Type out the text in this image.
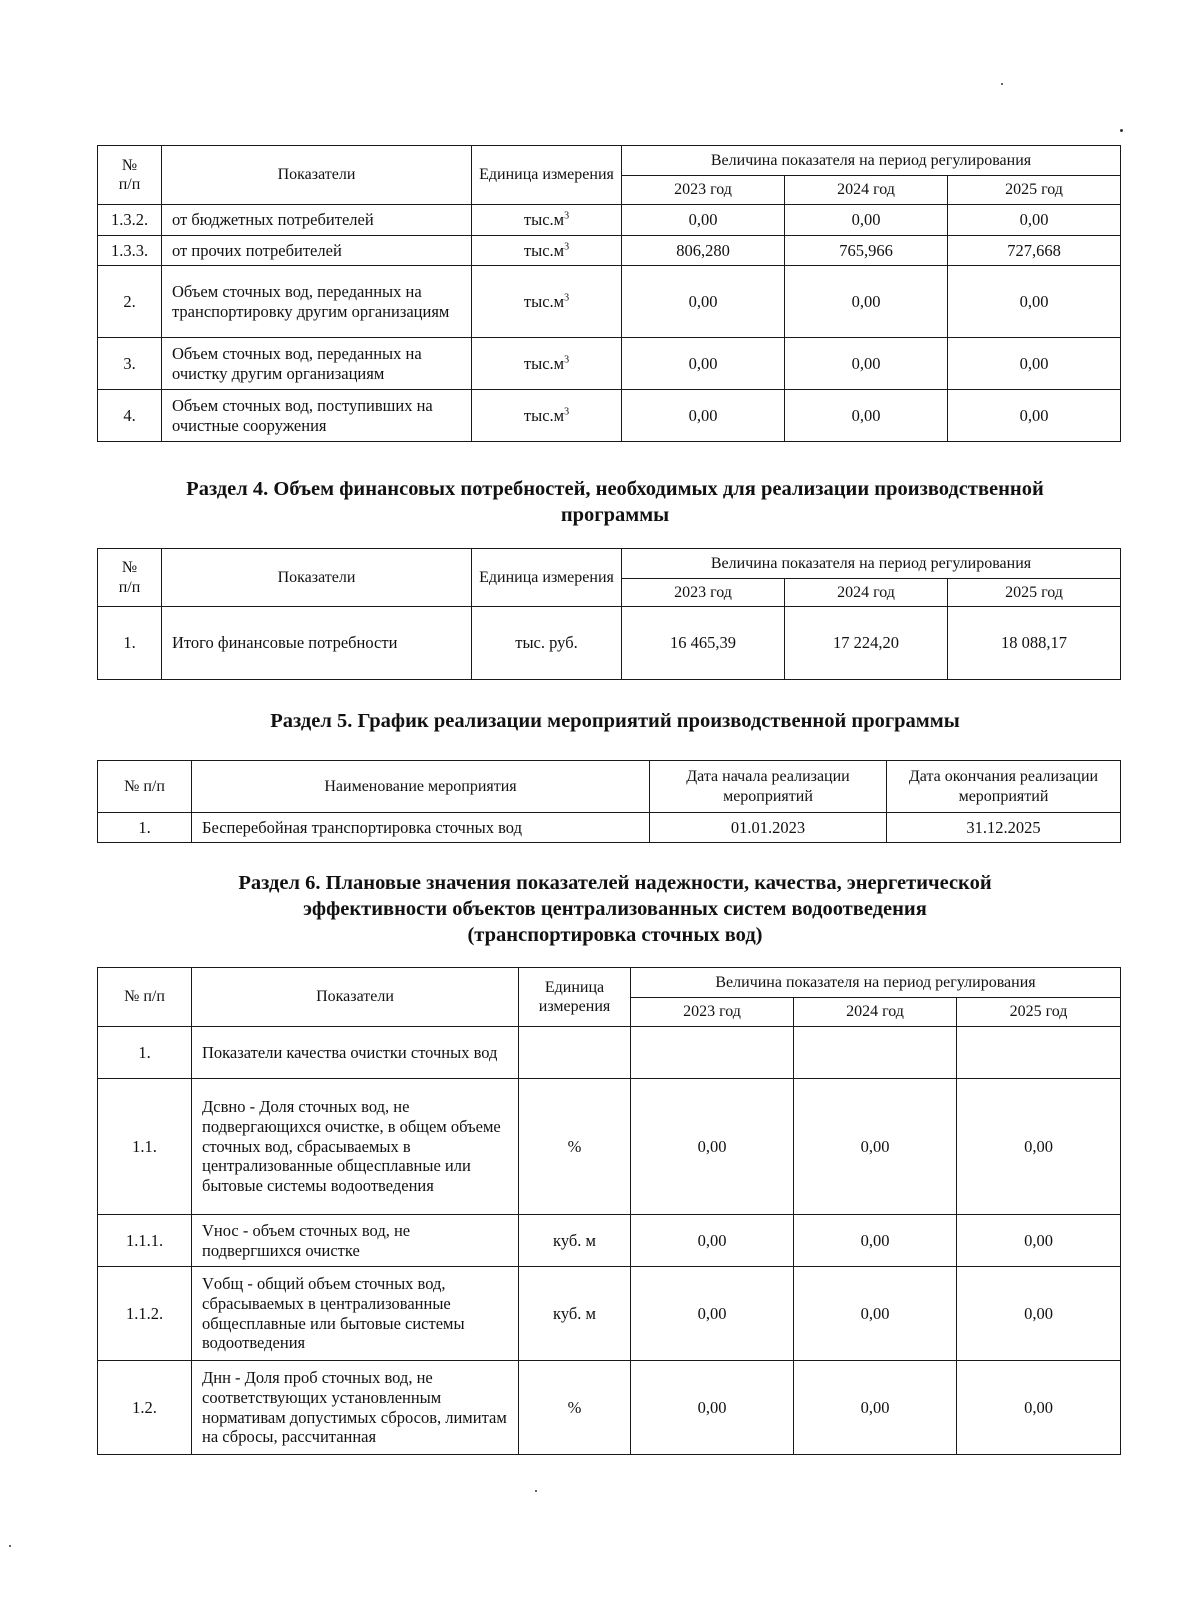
№
п/п	Показатели	Единица измерения	Величина показателя на период регулирования		
			2023 год	2024 год	2025 год
1.3.2.	от бюджетных потребителей	$тыс.м^3$	0,00	0,00	0,00
1.3.3.	от прочих потребителей	$тыс.м^3$	806,280	765,966	727,668
2.	Объем сточных вод, переданных на транспортировку другим организациям	$тыс.м^3$	0,00	0,00	0,00
3.	Объем сточных вод, переданных на очистку другим организациям	$тыс.м^3$	0,00	0,00	0,00
4.	Объем сточных вод, поступивших на очистные сооружения	$тыс.м^3$	0,00	0,00	0,00
Раздел 4. Объем финансовых потребностей, необходимых для реализации производственной
программы
№
п/п	Показатели	Единица измерения	Величина показателя на период регулирования		
			2023 год	2024 год	2025 год
1.	Итого финансовые потребности	тыс. руб.	16 465,39	17 224,20	18 088,17
Раздел 5. График реализации мероприятий производственной программы
№ п/п	Наименование мероприятия	Дата начала реализации мероприятий	Дата окончания реализации мероприятий
1.	Бесперебойная транспортировка сточных вод	01.01.2023	31.12.2025
Раздел 6. Плановые значения показателей надежности, качества, энергетической
эффективности объектов централизованных систем водоотведения
(транспортировка сточных вод)
№ п/п	Показатели	Единица измерения	Величина показателя на период регулирования		
			2023 год	2024 год	2025 год
1.	Показатели качества очистки сточных вод				
1.1.	Дсвно - Доля сточных вод, не подвергающихся очистке, в общем объеме сточных вод, сбрасываемых в централизованные общесплавные или бытовые системы водоотведения	%	0,00	0,00	0,00
1.1.1.	Vнос - объем сточных вод, не подвергшихся очистке	куб. м	0,00	0,00	0,00
1.1.2.	Vобщ - общий объем сточных вод, сбрасываемых в централизованные общесплавные или бытовые системы водоотведения	куб. м	0,00	0,00	0,00
1.2.	Днн - Доля проб сточных вод, не соответствующих установленным нормативам допустимых сбросов, лимитам на сбросы, рассчитанная	%	0,00	0,00	0,00
